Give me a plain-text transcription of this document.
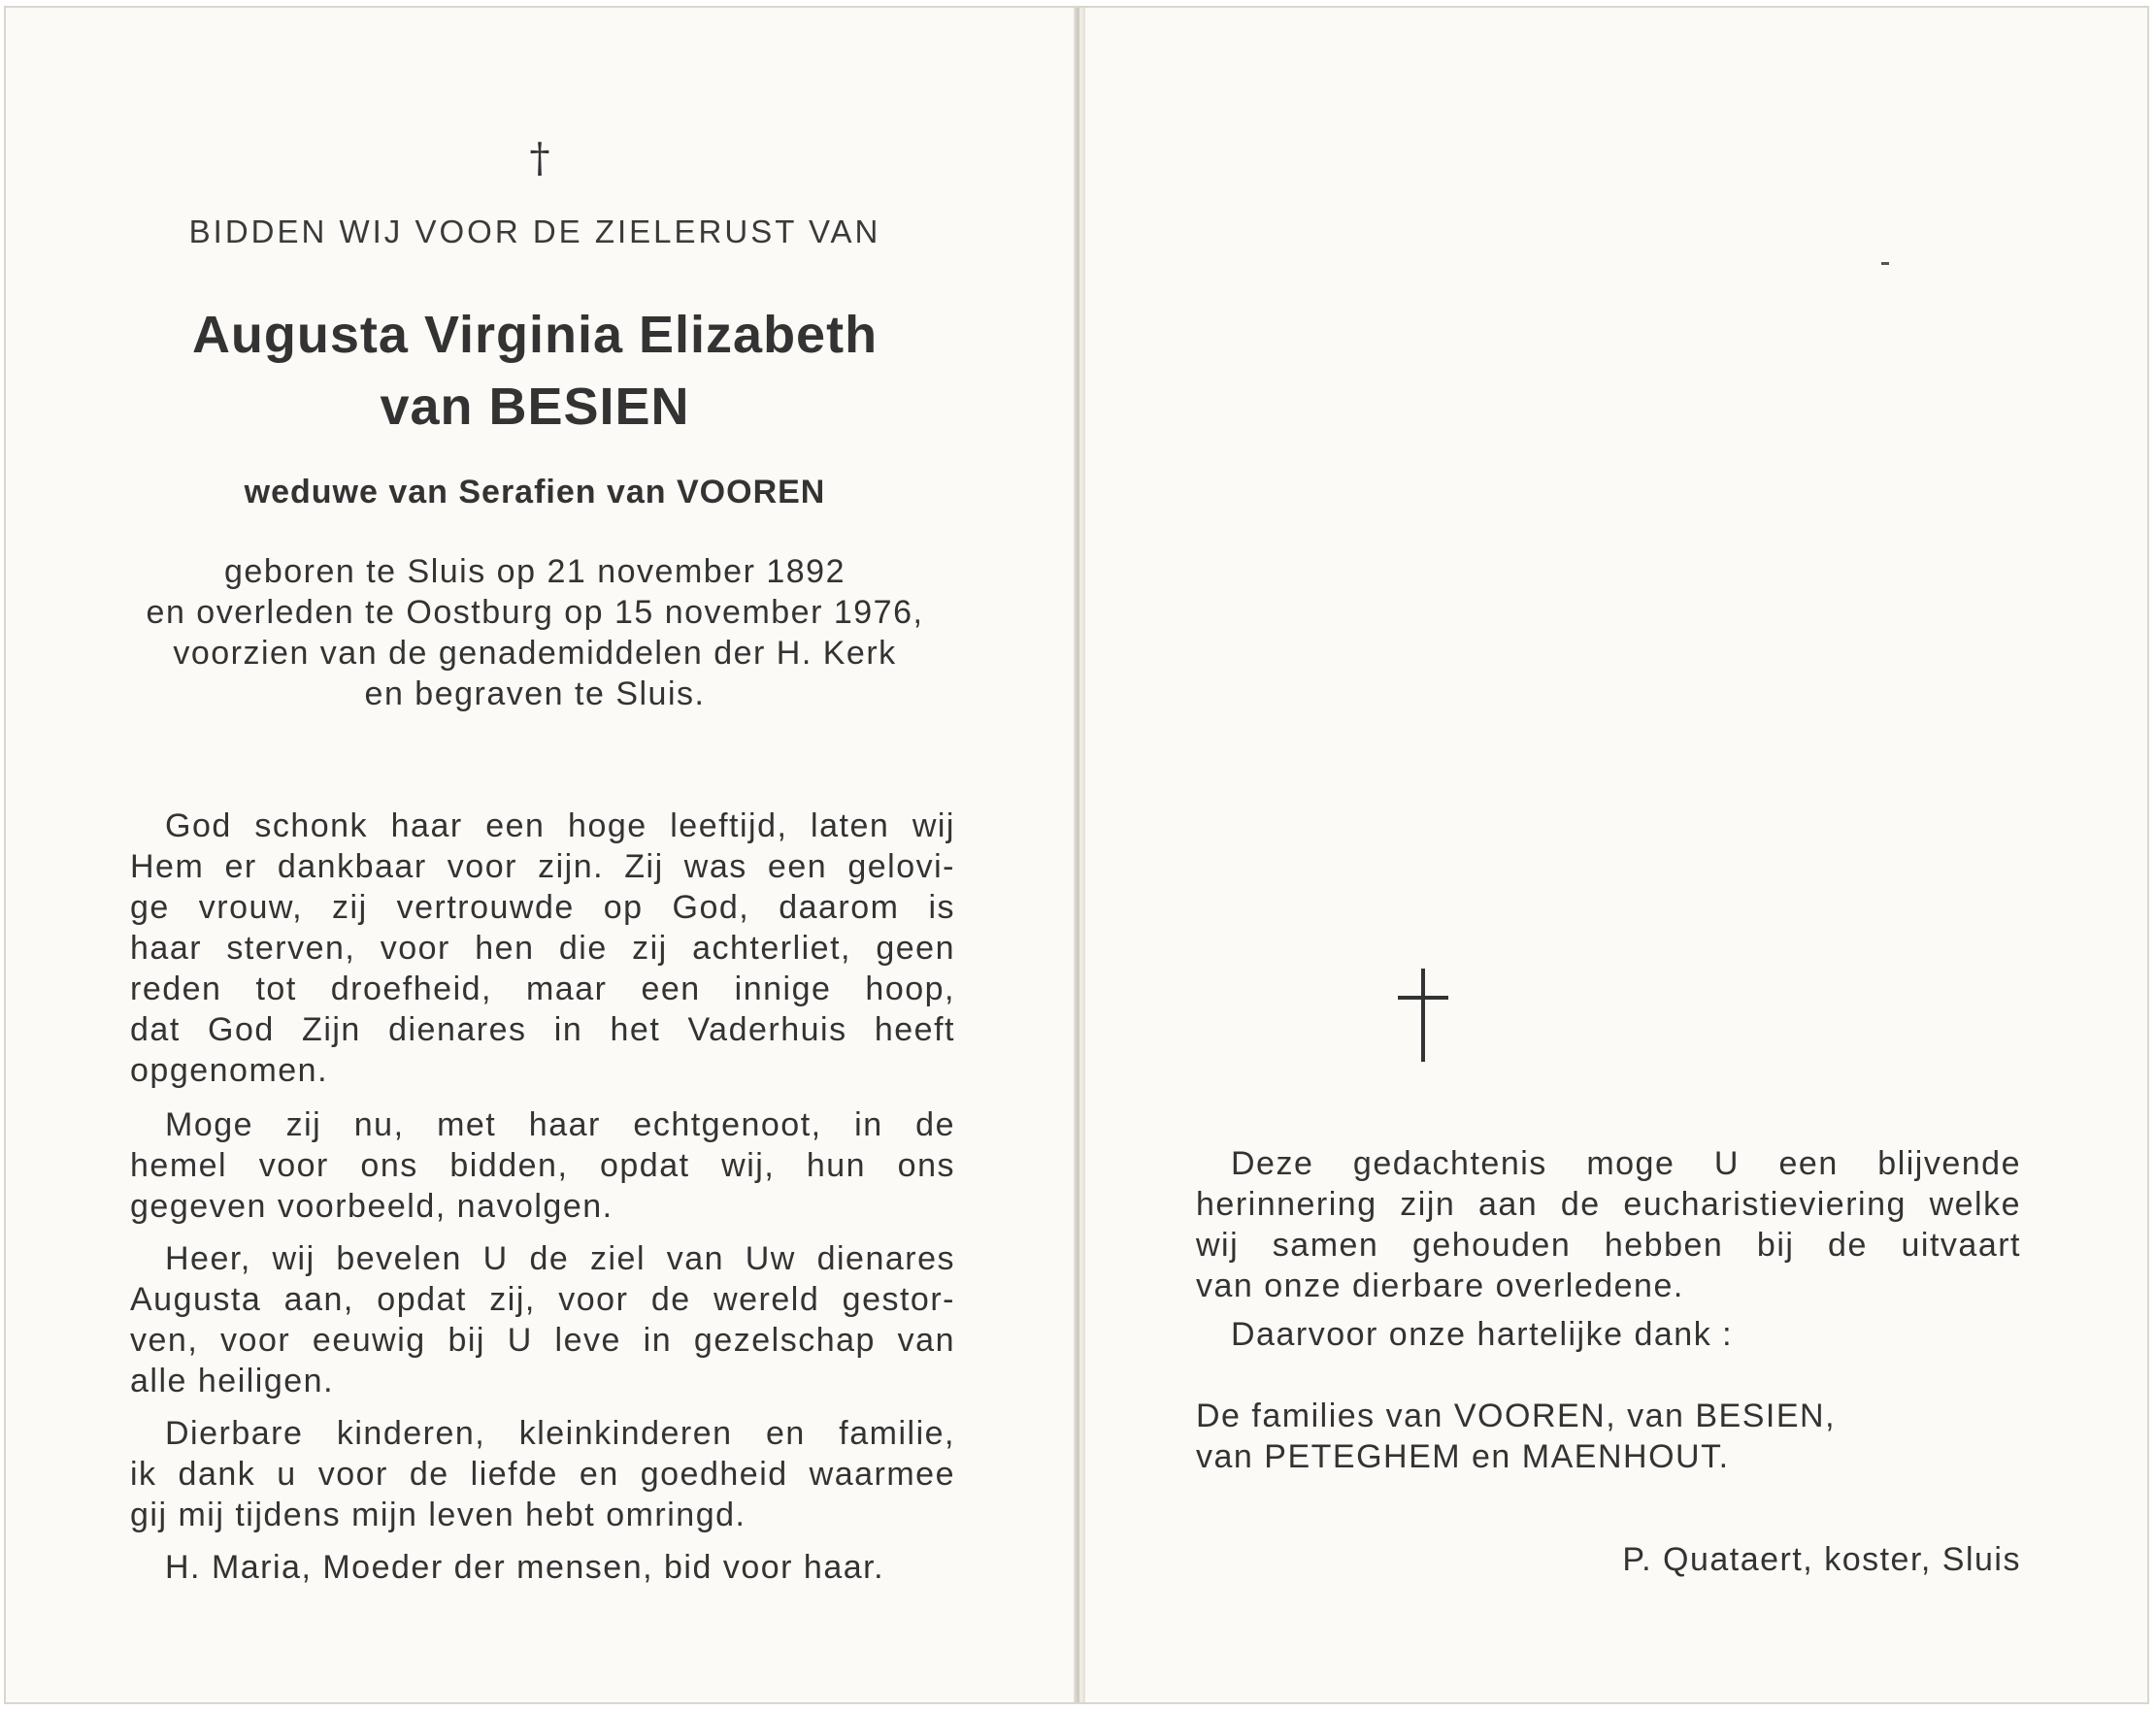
†
BIDDEN WIJ VOOR DE ZIELERUST VAN
Augusta Virginia Elizabeth
van BESIEN
weduwe van Serafien van VOOREN
geboren te Sluis op 21 november 1892
en overleden te Oostburg op 15 november 1976,
voorzien van de genademiddelen der H. Kerk
en begraven te Sluis.
God schonk haar een hoge leeftijd, laten wij
Hem er dankbaar voor zijn. Zij was een gelovi-
ge vrouw, zij vertrouwde op God, daarom is
haar sterven, voor hen die zij achterliet, geen
reden tot droefheid, maar een innige hoop,
dat God Zijn dienares in het Vaderhuis heeft
opgenomen.
Moge zij nu, met haar echtgenoot, in de
hemel voor ons bidden, opdat wij, hun ons
gegeven voorbeeld, navolgen.
Heer, wij bevelen U de ziel van Uw dienares
Augusta aan, opdat zij, voor de wereld gestor-
ven, voor eeuwig bij U leve in gezelschap van
alle heiligen.
Dierbare kinderen, kleinkinderen en familie,
ik dank u voor de liefde en goedheid waarmee
gij mij tijdens mijn leven hebt omringd.
H. Maria, Moeder der mensen, bid voor haar.
Deze gedachtenis moge U een blijvende
herinnering zijn aan de eucharistieviering welke
wij samen gehouden hebben bij de uitvaart
van onze dierbare overledene.
Daarvoor onze hartelijke dank :
De families van VOOREN, van BESIEN,
van PETEGHEM en MAENHOUT.
P. Quataert, koster, Sluis
